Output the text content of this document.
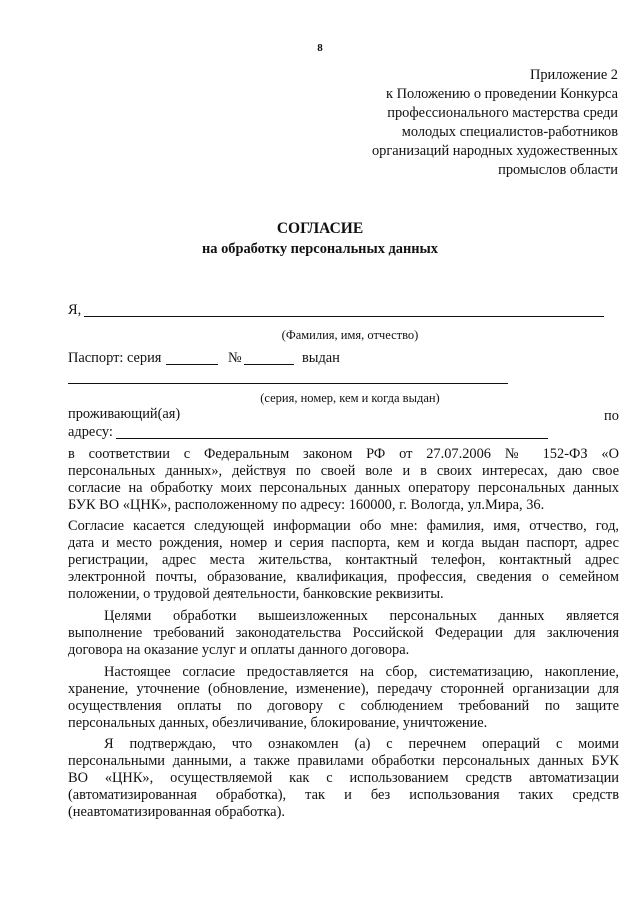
8
Приложение 2
к Положению о проведении Конкурса
профессионального мастерства среди
молодых специалистов-работников
организаций народных художественных
промыслов области
СОГЛАСИЕ
на обработку персональных данных
Я,
(Фамилия, имя, отчество)
Паспорт: серия	№	выдан
(серия, номер, кем и когда выдан)
проживающий(ая)	по
адресу:
в соответствии с Федеральным законом РФ от 27.07.2006 № 152-ФЗ «О
персональных данных», действуя по своей воле и в своих интересах, даю свое
согласие на обработку моих персональных данных оператору персональных данных
БУК ВО «ЦНК», расположенному по адресу: 160000, г. Вологда, ул.Мира, 36.
Согласие касается следующей информации обо мне: фамилия, имя, отчество, год,
дата и место рождения, номер и серия паспорта, кем и когда выдан паспорт, адрес
регистрации, адрес места жительства, контактный телефон, контактный адрес
электронной почты, образование, квалификация, профессия, сведения о семейном
положении, о трудовой деятельности, банковские реквизиты.
Целями обработки вышеизложенных персональных данных является
выполнение требований законодательства Российской Федерации для заключения
договора на оказание услуг и оплаты данного договора.
Настоящее согласие предоставляется на сбор, систематизацию, накопление,
хранение, уточнение (обновление, изменение), передачу сторонней организации для
осуществления оплаты по договору с соблюдением требований по защите
персональных данных, обезличивание, блокирование, уничтожение.
Я подтверждаю, что ознакомлен (а) с перечнем операций с моими
персональными данными, а также правилами обработки персональных данных БУК
ВО «ЦНК», осуществляемой как с использованием средств автоматизации
(автоматизированная обработка), так и без использования таких средств
(неавтоматизированная обработка).
